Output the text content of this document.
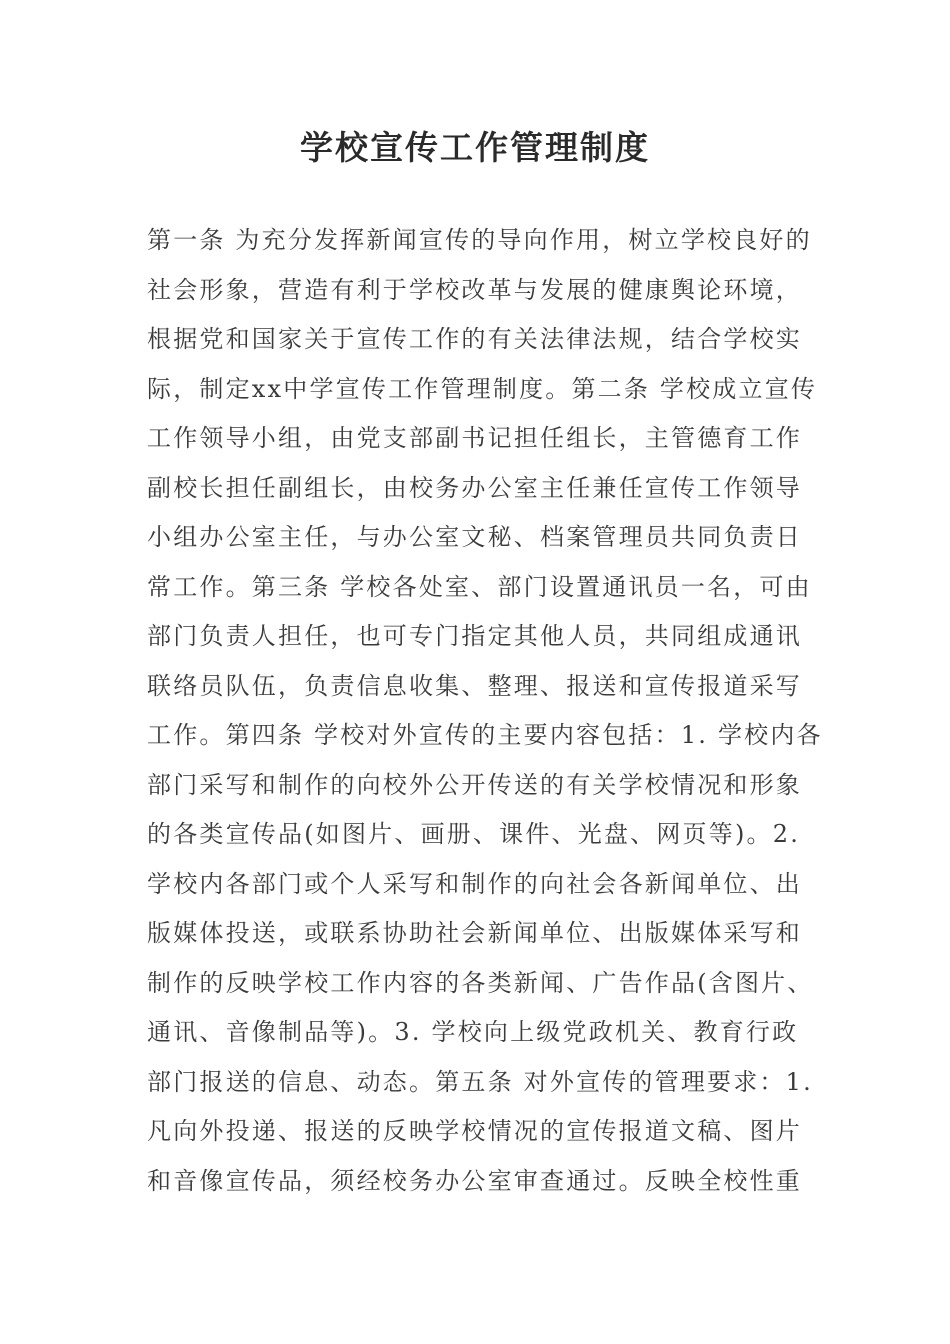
学校宣传工作管理制度
第一条 为充分发挥新闻宣传的导向作用，树立学校良好的
社会形象，营造有利于学校改革与发展的健康舆论环境，
根据党和国家关于宣传工作的有关法律法规，结合学校实
际，制定xx中学宣传工作管理制度。第二条 学校成立宣传
工作领导小组，由党支部副书记担任组长，主管德育工作
副校长担任副组长，由校务办公室主任兼任宣传工作领导
小组办公室主任，与办公室文秘、档案管理员共同负责日
常工作。第三条 学校各处室、部门设置通讯员一名，可由
部门负责人担任，也可专门指定其他人员，共同组成通讯
联络员队伍，负责信息收集、整理、报送和宣传报道采写
工作。第四条 学校对外宣传的主要内容包括：1. 学校内各
部门采写和制作的向校外公开传送的有关学校情况和形象
的各类宣传品(如图片、画册、课件、光盘、网页等)。2.
学校内各部门或个人采写和制作的向社会各新闻单位、出
版媒体投送，或联系协助社会新闻单位、出版媒体采写和
制作的反映学校工作内容的各类新闻、广告作品(含图片、
通讯、音像制品等)。3. 学校向上级党政机关、教育行政
部门报送的信息、动态。第五条 对外宣传的管理要求：1.
凡向外投递、报送的反映学校情况的宣传报道文稿、图片
和音像宣传品，须经校务办公室审查通过。反映全校性重
